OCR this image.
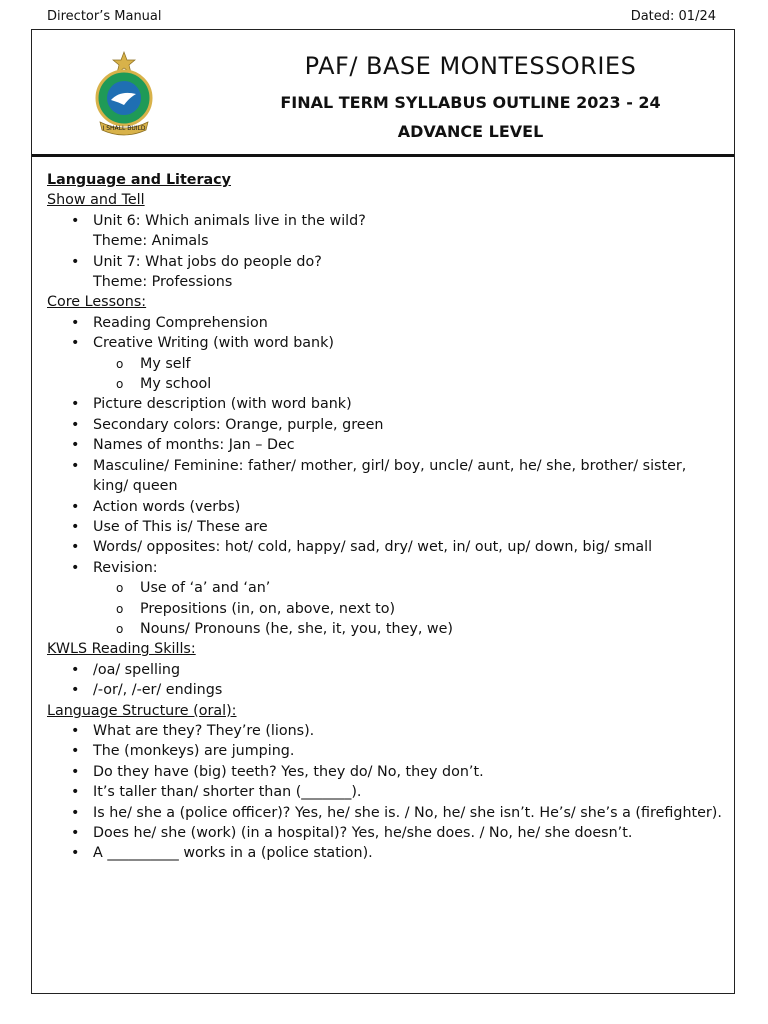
Director’s Manual	Dated: 01/24
I SHALL BUILD
PAF/ BASE MONTESSORIES
FINAL TERM SYLLABUS OUTLINE 2023 - 24
ADVANCE LEVEL
Language and Literacy
Show and Tell
• Unit 6: Which animals live in the wild?
Theme: Animals
• Unit 7: What jobs do people do?
Theme: Professions
Core Lessons:
• Reading Comprehension
• Creative Writing (with word bank)
o My self
o My school
• Picture description (with word bank)
• Secondary colors: Orange, purple, green
• Names of months: Jan – Dec
• Masculine/ Feminine: father/ mother, girl/ boy, uncle/ aunt, he/ she, brother/ sister, king/ queen
• Action words (verbs)
• Use of This is/ These are
• Words/ opposites: hot/ cold, happy/ sad, dry/ wet, in/ out, up/ down, big/ small
• Revision:
o Use of ‘a’ and ‘an’
o Prepositions (in, on, above, next to)
o Nouns/ Pronouns (he, she, it, you, they, we)
KWLS Reading Skills:
• /oa/ spelling
• /-or/, /-er/ endings
Language Structure (oral):
• What are they? They’re (lions).
• The (monkeys) are jumping.
• Do they have (big) teeth? Yes, they do/ No, they don’t.
• It’s taller than/ shorter than (_______).
• Is he/ she a (police officer)? Yes, he/ she is. / No, he/ she isn’t. He’s/ she’s a (firefighter).
• Does he/ she (work) (in a hospital)? Yes, he/she does. / No, he/ she doesn’t.
• A __________ works in a (police station).
